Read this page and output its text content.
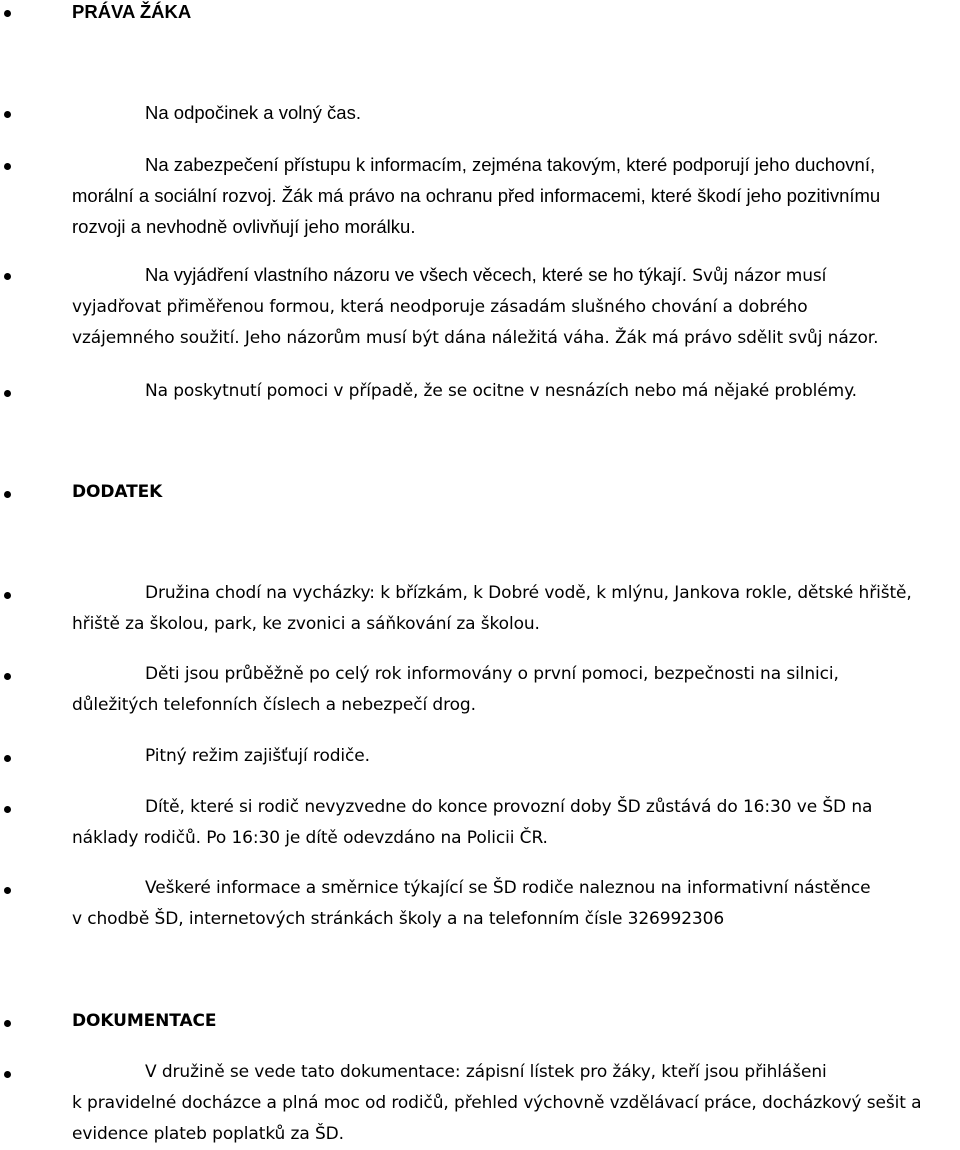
PRÁVA ŽÁKA
Na odpočinek a volný čas.
Na zabezpečení přístupu k informacím, zejména takovým, které podporují jeho duchovní,
morální a sociální rozvoj. Žák má právo na ochranu před informacemi, které škodí jeho pozitivnímu
rozvoji a nevhodně ovlivňují jeho morálku.
Na vyjádření vlastního názoru ve všech věcech, které se ho týkají. Svůj názor musí
vyjadřovat přiměřenou formou, která neodporuje zásadám slušného chování a dobrého
vzájemného soužití. Jeho názorům musí být dána náležitá váha. Žák má právo sdělit svůj názor.
Na poskytnutí pomoci v případě, že se ocitne v nesnázích nebo má nějaké problémy.
DODATEK
Družina chodí na vycházky: k břízkám, k Dobré vodě, k mlýnu, Jankova rokle, dětské hřiště,
hřiště za školou, park, ke zvonici a sáňkování za školou.
Děti jsou průběžně po celý rok informovány o první pomoci, bezpečnosti na silnici,
důležitých telefonních číslech a nebezpečí drog.
Pitný režim zajišťují rodiče.
Dítě, které si rodič nevyzvedne do konce provozní doby ŠD zůstává do 16:30 ve ŠD na
náklady rodičů. Po 16:30 je dítě odevzdáno na Policii ČR.
Veškeré informace a směrnice týkající se ŠD rodiče naleznou na informativní nástěnce
v chodbě ŠD, internetových stránkách školy a na telefonním čísle 326992306
DOKUMENTACE
V družině se vede tato dokumentace: zápisní lístek pro žáky, kteří jsou přihlášeni
k pravidelné docházce a plná moc od rodičů, přehled výchovně vzdělávací práce, docházkový sešit a
evidence plateb poplatků za ŠD.
